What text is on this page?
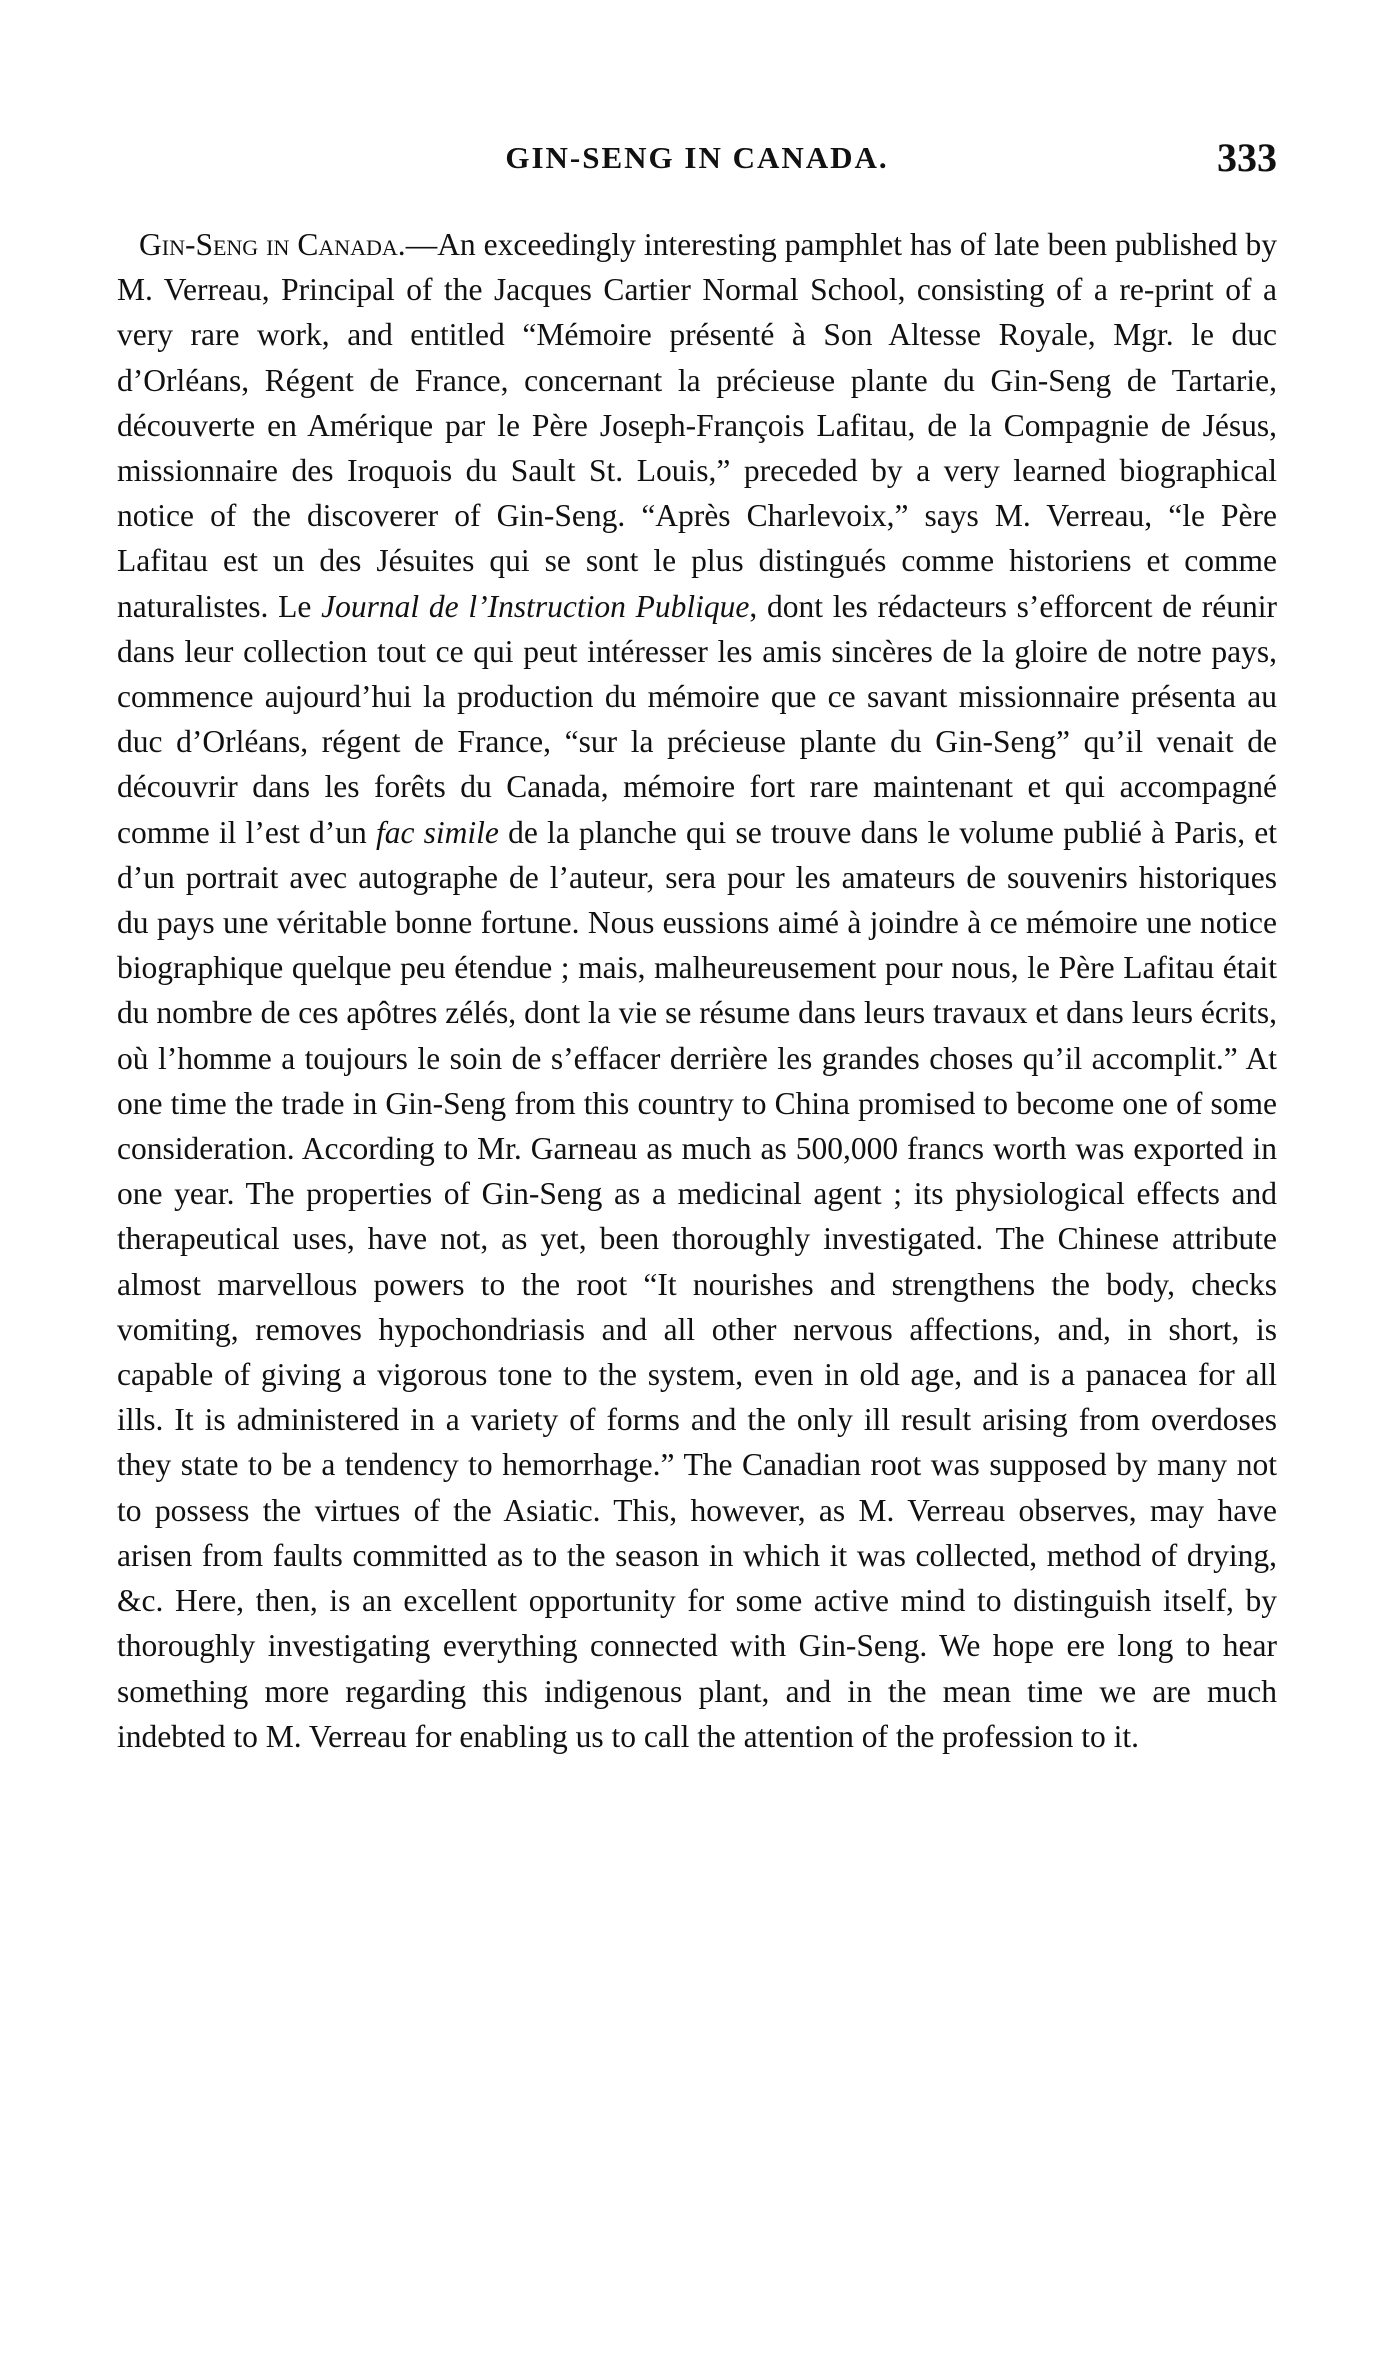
GIN-SENG IN CANADA.	333

Gin-Seng in Canada.—An exceedingly interesting pamphlet has of late been published by M. Verreau, Principal of the Jacques Cartier Normal School, consisting of a re-print of a very rare work, and entitled “Mémoire présenté à Son Altesse Royale, Mgr. le duc d’Orléans, Régent de France, concernant la précieuse plante du Gin-Seng de Tartarie, découverte en Amérique par le Père Joseph-François Lafitau, de la Compagnie de Jésus, missionnaire des Iroquois du Sault St. Louis,” preceded by a very learned biographical notice of the discoverer of Gin-Seng. “Après Charlevoix,” says M. Verreau, “le Père Lafitau est un des Jésuites qui se sont le plus distingués comme historiens et comme naturalistes. Le Journal de l’Instruction Publique, dont les rédacteurs s’efforcent de réunir dans leur collection tout ce qui peut intéresser les amis sincères de la gloire de notre pays, commence aujourd’hui la production du mémoire que ce savant missionnaire présenta au duc d’Orléans, régent de France, “sur la précieuse plante du Gin-Seng” qu’il venait de découvrir dans les forêts du Canada, mémoire fort rare maintenant et qui accompagné comme il l’est d’un fac simile de la planche qui se trouve dans le volume publié à Paris, et d’un portrait avec autographe de l’auteur, sera pour les amateurs de souvenirs historiques du pays une véritable bonne fortune. Nous eussions aimé à joindre à ce mémoire une notice biographique quelque peu étendue ; mais, malheureusement pour nous, le Père Lafitau était du nombre de ces apôtres zélés, dont la vie se résume dans leurs travaux et dans leurs écrits, où l’homme a toujours le soin de s’effacer derrière les grandes choses qu’il accomplit.” At one time the trade in Gin-Seng from this country to China promised to become one of some consideration. According to Mr. Garneau as much as 500,000 francs worth was exported in one year. The properties of Gin-Seng as a medicinal agent ; its physiological effects and therapeutical uses, have not, as yet, been thoroughly investigated. The Chinese attribute almost marvellous powers to the root “It nourishes and strengthens the body, checks vomiting, removes hypochondriasis and all other nervous affections, and, in short, is capable of giving a vigorous tone to the system, even in old age, and is a panacea for all ills. It is administered in a variety of forms and the only ill result arising from overdoses they state to be a tendency to hemorrhage.” The Canadian root was supposed by many not to possess the virtues of the Asiatic. This, however, as M. Verreau observes, may have arisen from faults committed as to the season in which it was collected, method of drying, &c. Here, then, is an excellent opportunity for some active mind to distinguish itself, by thoroughly investigating everything connected with Gin-Seng. We hope ere long to hear something more regarding this indigenous plant, and in the mean time we are much indebted to M. Verreau for enabling us to call the attention of the profession to it.
